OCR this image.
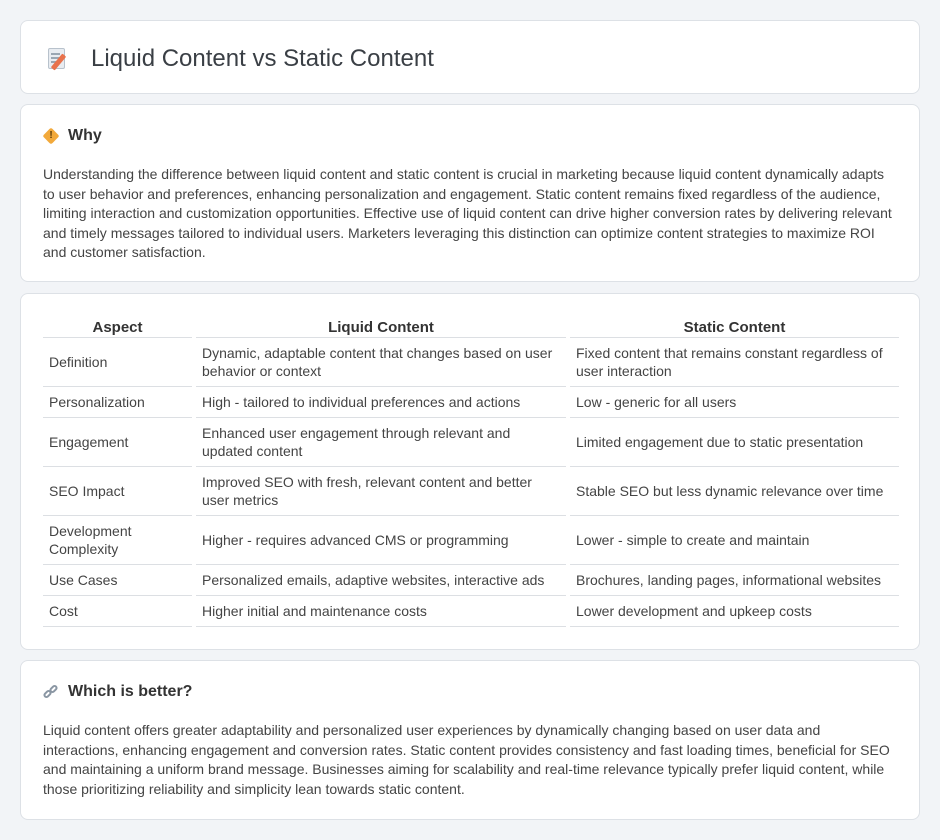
Liquid Content vs Static Content
! Why

Understanding the difference between liquid content and static content is crucial in marketing because liquid content dynamically adapts to user behavior and preferences, enhancing personalization and engagement. Static content remains fixed regardless of the audience, limiting interaction and customization opportunities. Effective use of liquid content can drive higher conversion rates by delivering relevant and timely messages tailored to individual users. Marketers leveraging this distinction can optimize content strategies to maximize ROI and customer satisfaction.

Aspect	Liquid Content	Static Content
Definition	Dynamic, adaptable content that changes based on user behavior or context	Fixed content that remains constant regardless of user interaction
Personalization	High - tailored to individual preferences and actions	Low - generic for all users
Engagement	Enhanced user engagement through relevant and updated content	Limited engagement due to static presentation
SEO Impact	Improved SEO with fresh, relevant content and better user metrics	Stable SEO but less dynamic relevance over time
Development Complexity	Higher - requires advanced CMS or programming	Lower - simple to create and maintain
Use Cases	Personalized emails, adaptive websites, interactive ads	Brochures, landing pages, informational websites
Cost	Higher initial and maintenance costs	Lower development and upkeep costs
Which is better?

Liquid content offers greater adaptability and personalized user experiences by dynamically changing based on user data and interactions, enhancing engagement and conversion rates. Static content provides consistency and fast loading times, beneficial for SEO and maintaining a uniform brand message. Businesses aiming for scalability and real-time relevance typically prefer liquid content, while those prioritizing reliability and simplicity lean towards static content.
